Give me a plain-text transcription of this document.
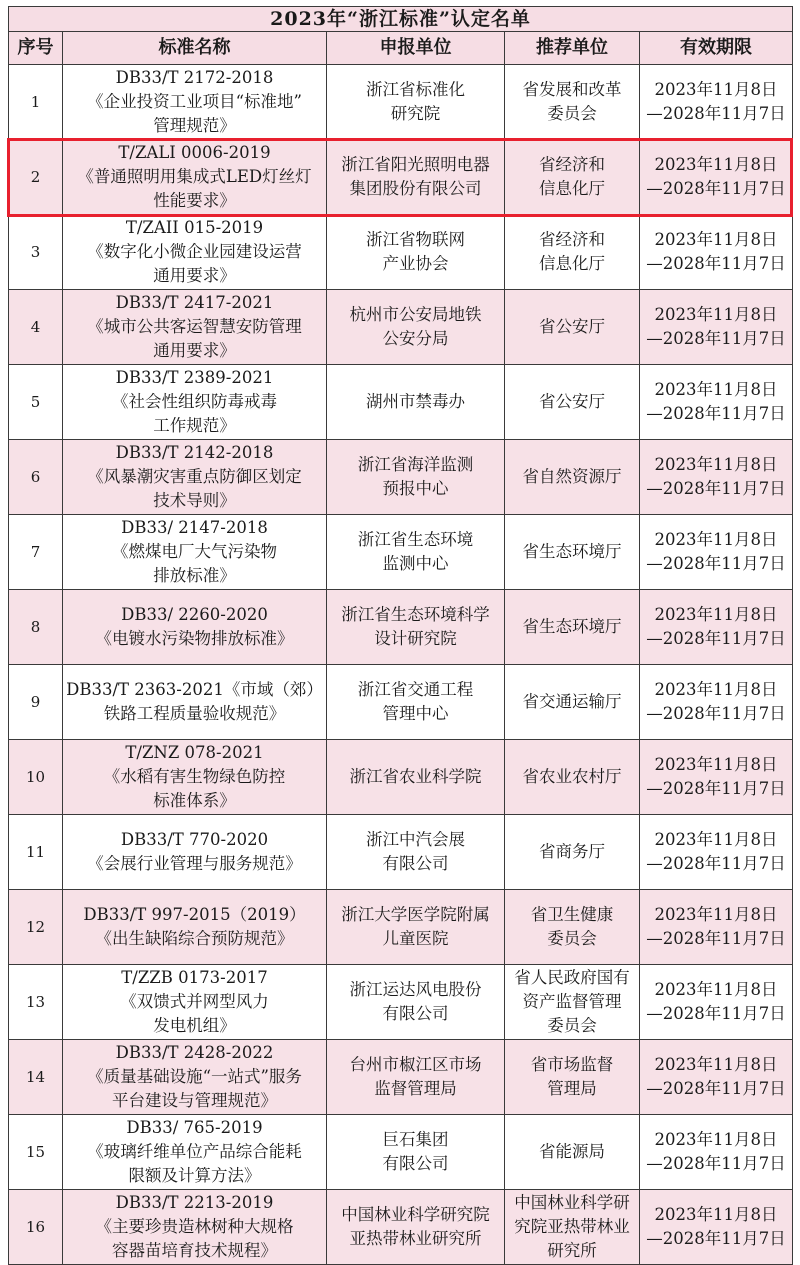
2023年“浙江标准”认定名单				
序号	标准名称	申报单位	推荐单位	有效期限
1	DB33/T 2172-2018
《企业投资工业项目“标准地”
管理规范》	浙江省标准化
研究院	省发展和改革
委员会	2023年11月8日
—2028年11月7日

2	T/ZALI 0006-2019
《普通照明用集成式LED灯丝灯
性能要求》	浙江省阳光照明电器
集团股份有限公司	省经济和
信息化厅	2023年11月8日
—2028年11月7日

3	T/ZAII 015-2019
《数字化小微企业园建设运营
通用要求》	浙江省物联网
产业协会	省经济和
信息化厅	2023年11月8日
—2028年11月7日

4	DB33/T 2417-2021
《城市公共客运智慧安防管理
通用要求》	杭州市公安局地铁
公安分局	省公安厅	2023年11月8日
—2028年11月7日

5	DB33/T 2389-2021
《社会性组织防毒戒毒
工作规范》	湖州市禁毒办	省公安厅	2023年11月8日
—2028年11月7日

6	DB33/T 2142-2018
《风暴潮灾害重点防御区划定
技术导则》	浙江省海洋监测
预报中心	省自然资源厅	2023年11月8日
—2028年11月7日

7	DB33/ 2147-2018
《燃煤电厂大气污染物
排放标准》	浙江省生态环境
监测中心	省生态环境厅	2023年11月8日
—2028年11月7日

8	DB33/ 2260-2020
《电镀水污染物排放标准》	浙江省生态环境科学
设计研究院	省生态环境厅	2023年11月8日
—2028年11月7日

9	DB33/T 2363-2021《市域（郊）
铁路工程质量验收规范》	浙江省交通工程
管理中心	省交通运输厅	2023年11月8日
—2028年11月7日

10	T/ZNZ 078-2021
《水稻有害生物绿色防控
标准体系》	浙江省农业科学院	省农业农村厅	2023年11月8日
—2028年11月7日

11	DB33/T 770-2020
《会展行业管理与服务规范》	浙江中汽会展
有限公司	省商务厅	2023年11月8日
—2028年11月7日

12	DB33/T 997-2015（2019）
《出生缺陷综合预防规范》	浙江大学医学院附属
儿童医院	省卫生健康
委员会	2023年11月8日
—2028年11月7日

13	T/ZZB 0173-2017
《双馈式并网型风力
发电机组》	浙江运达风电股份
有限公司	省人民政府国有
资产监督管理
委员会	2023年11月8日
—2028年11月7日

14	DB33/T 2428-2022
《质量基础设施“一站式”服务
平台建设与管理规范》	台州市椒江区市场
监督管理局	省市场监督
管理局	2023年11月8日
—2028年11月7日

15	DB33/ 765-2019
《玻璃纤维单位产品综合能耗
限额及计算方法》	巨石集团
有限公司	省能源局	2023年11月8日
—2028年11月7日

16	DB33/T 2213-2019
《主要珍贵造林树种大规格
容器苗培育技术规程》	中国林业科学研究院
亚热带林业研究所	中国林业科学研
究院亚热带林业
研究所	2023年11月8日
—2028年11月7日
